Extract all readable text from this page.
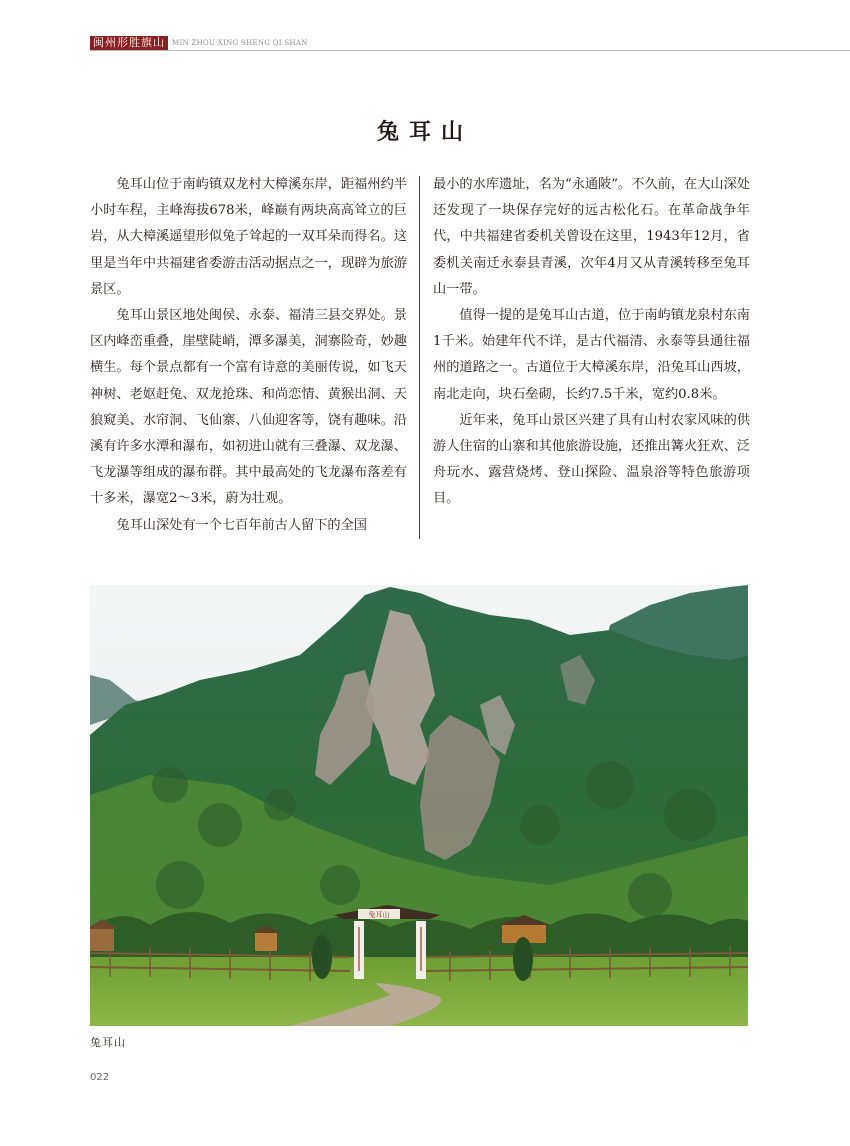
闽州形胜旗山	MIN ZHOU XING SHENG QI SHAN
兔耳山

兔耳山位于南屿镇双龙村大樟溪东岸，距福州约半小时车程，主峰海拔678米，峰巅有两块高高耸立的巨岩，从大樟溪遥望形似兔子耸起的一双耳朵而得名。这里是当年中共福建省委游击活动据点之一，现辟为旅游景区。

兔耳山景区地处闽侯、永泰、福清三县交界处。景区内峰峦重叠，崖壁陡峭，潭多瀑美，洞寨险奇，妙趣横生。每个景点都有一个富有诗意的美丽传说，如飞天神树、老妪赶兔、双龙抢珠、和尚恋情、黄猴出洞、天狼窥美、水帘洞、飞仙寨、八仙迎客等，饶有趣味。沿溪有许多水潭和瀑布，如初进山就有三叠瀑、双龙瀑、飞龙瀑等组成的瀑布群。其中最高处的飞龙瀑布落差有十多米，瀑宽2～3米，蔚为壮观。

兔耳山深处有一个七百年前古人留下的全国

最小的水库遗址，名为“永通陂”。不久前，在大山深处还发现了一块保存完好的远古松化石。在革命战争年代，中共福建省委机关曾设在这里，1943年12月，省委机关南迁永泰县青溪，次年4月又从青溪转移至兔耳山一带。

值得一提的是兔耳山古道，位于南屿镇龙泉村东南1千米。始建年代不详，是古代福清、永泰等县通往福州的道路之一。古道位于大樟溪东岸，沿兔耳山西坡，南北走向，块石垒砌，长约7.5千米，宽约0.8米。

近年来，兔耳山景区兴建了具有山村农家风味的供游人住宿的山寨和其他旅游设施，还推出篝火狂欢、泛舟玩水、露营烧烤、登山探险、温泉浴等特色旅游项目。

兔耳山
兔耳山
022
